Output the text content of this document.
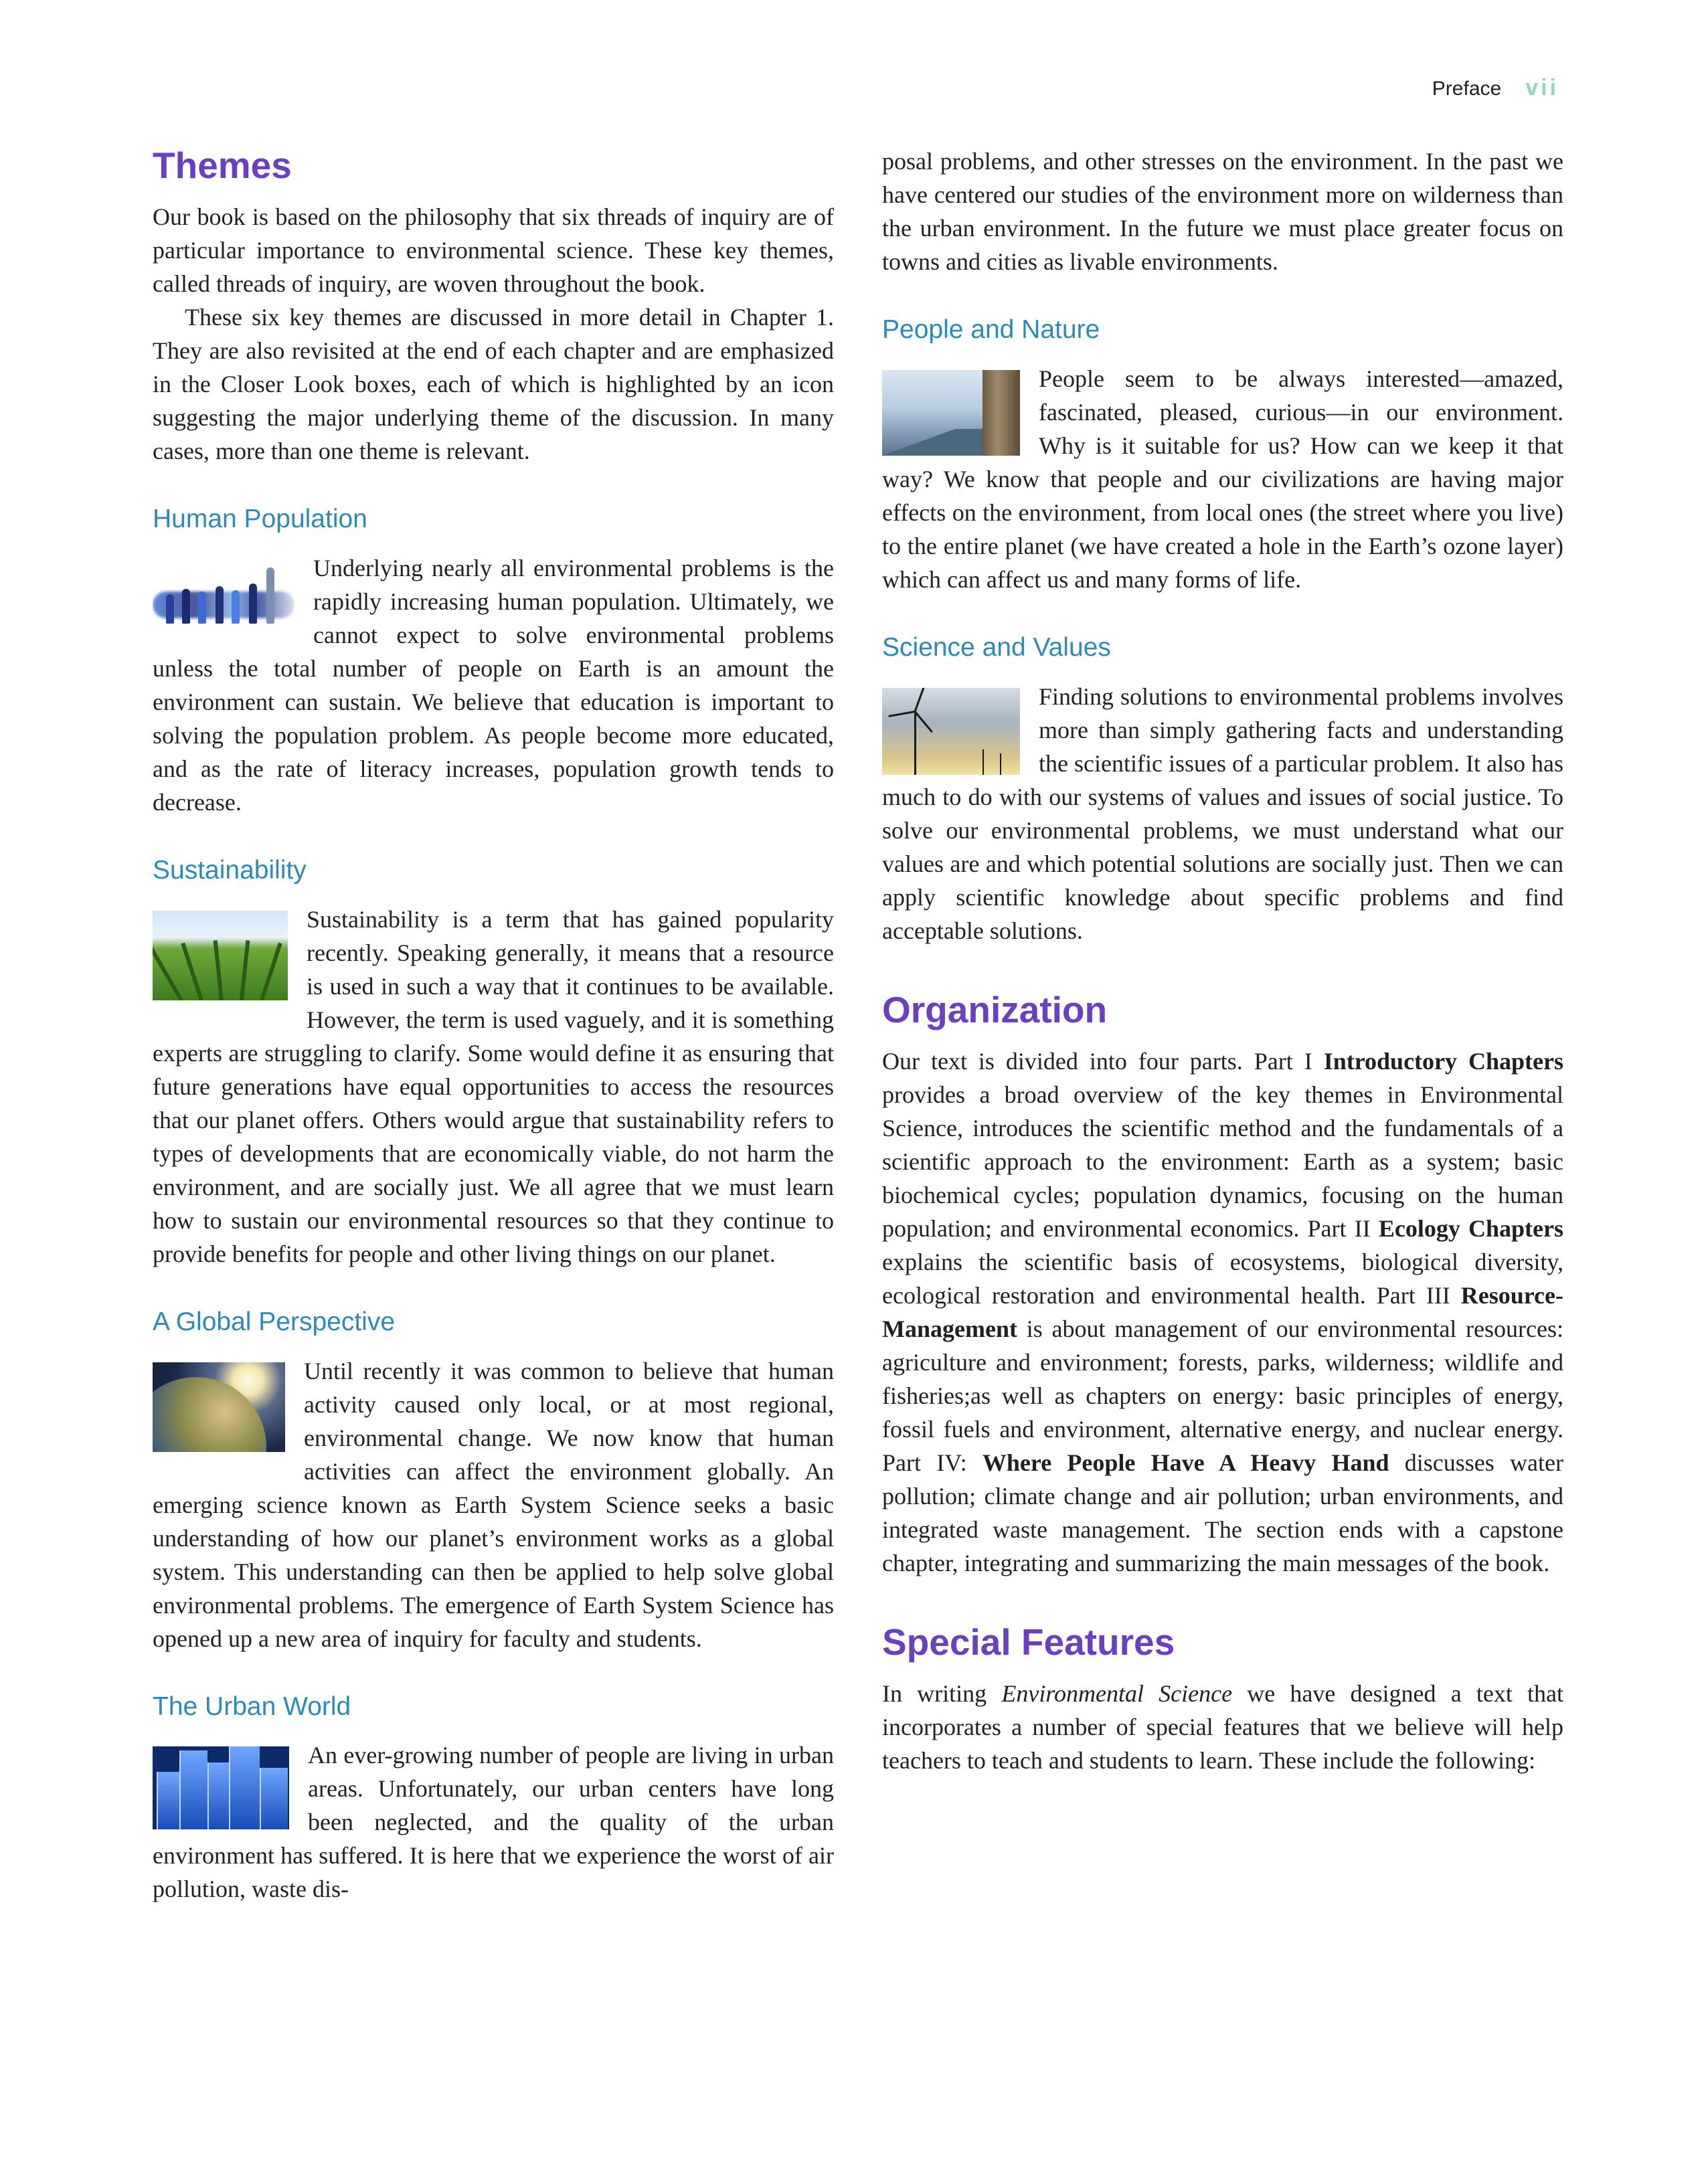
Preface vii
Themes

Our book is based on the philosophy that six threads of inquiry are of particular importance to environmental science. These key themes, called threads of inquiry, are woven throughout the book.

These six key themes are discussed in more detail in Chapter 1. They are also revisited at the end of each chapter and are emphasized in the Closer Look boxes, each of which is highlighted by an icon suggesting the major underlying theme of the discussion. In many cases, more than one theme is relevant.

Human Population

Underlying nearly all environmental problems is the rapidly increasing human population. Ultimately, we cannot expect to solve environmental problems unless the total number of people on Earth is an amount the environment can sustain. We believe that education is important to solving the population problem. As people become more educated, and as the rate of literacy increases, population growth tends to decrease.

Sustainability

Sustainability is a term that has gained popularity recently. Speaking generally, it means that a resource is used in such a way that it continues to be available. However, the term is used vaguely, and it is something experts are struggling to clarify. Some would define it as ensuring that future generations have equal opportunities to access the resources that our planet offers. Others would argue that sustainability refers to types of developments that are economically viable, do not harm the environment, and are socially just. We all agree that we must learn how to sustain our environmental resources so that they continue to provide benefits for people and other living things on our planet.

A Global Perspective

Until recently it was common to believe that human activity caused only local, or at most regional, environmental change. We now know that human activities can affect the environment globally. An emerging science known as Earth System Science seeks a basic understanding of how our planet’s environment works as a global system. This understanding can then be applied to help solve global environmental problems. The emergence of Earth System Science has opened up a new area of inquiry for faculty and students.

The Urban World

An ever-growing number of people are living in urban areas. Unfortunately, our urban centers have long been neglected, and the quality of the urban environment has suffered. It is here that we experience the worst of air pollution, waste dis-

posal problems, and other stresses on the environment. In the past we have centered our studies of the environment more on wilderness than the urban environment. In the future we must place greater focus on towns and cities as livable environments.

People and Nature

People seem to be always interested—amazed, fascinated, pleased, curious—in our environment. Why is it suitable for us? How can we keep it that way? We know that people and our civilizations are having major effects on the environment, from local ones (the street where you live) to the entire planet (we have created a hole in the Earth’s ozone layer) which can affect us and many forms of life.

Science and Values

Finding solutions to environmental problems involves more than simply gathering facts and understanding the scientific issues of a particular problem. It also has much to do with our systems of values and issues of social justice. To solve our environmental problems, we must understand what our values are and which potential solutions are socially just. Then we can apply scientific knowledge about specific problems and find acceptable solutions.

Organization

Our text is divided into four parts. Part I Introductory Chapters provides a broad overview of the key themes in Environmental Science, introduces the scientific method and the fundamentals of a scientific approach to the environment: Earth as a system; basic biochemical cycles; population dynamics, focusing on the human population; and environmental economics. Part II Ecology Chapters explains the scientific basis of ecosystems, biological diversity, ecological restoration and environmental health. Part III Resource- Management is about management of our environmental resources: agriculture and environment; forests, parks, wilderness; wildlife and fisheries;as well as chapters on energy: basic principles of energy, fossil fuels and environment, alternative energy, and nuclear energy. Part IV: Where People Have A Heavy Hand discusses water pollution; climate change and air pollution; urban environments, and integrated waste management. The section ends with a capstone chapter, integrating and summarizing the main messages of the book.

Special Features

In writing Environmental Science we have designed a text that incorporates a number of special features that we believe will help teachers to teach and students to learn. These include the following:
